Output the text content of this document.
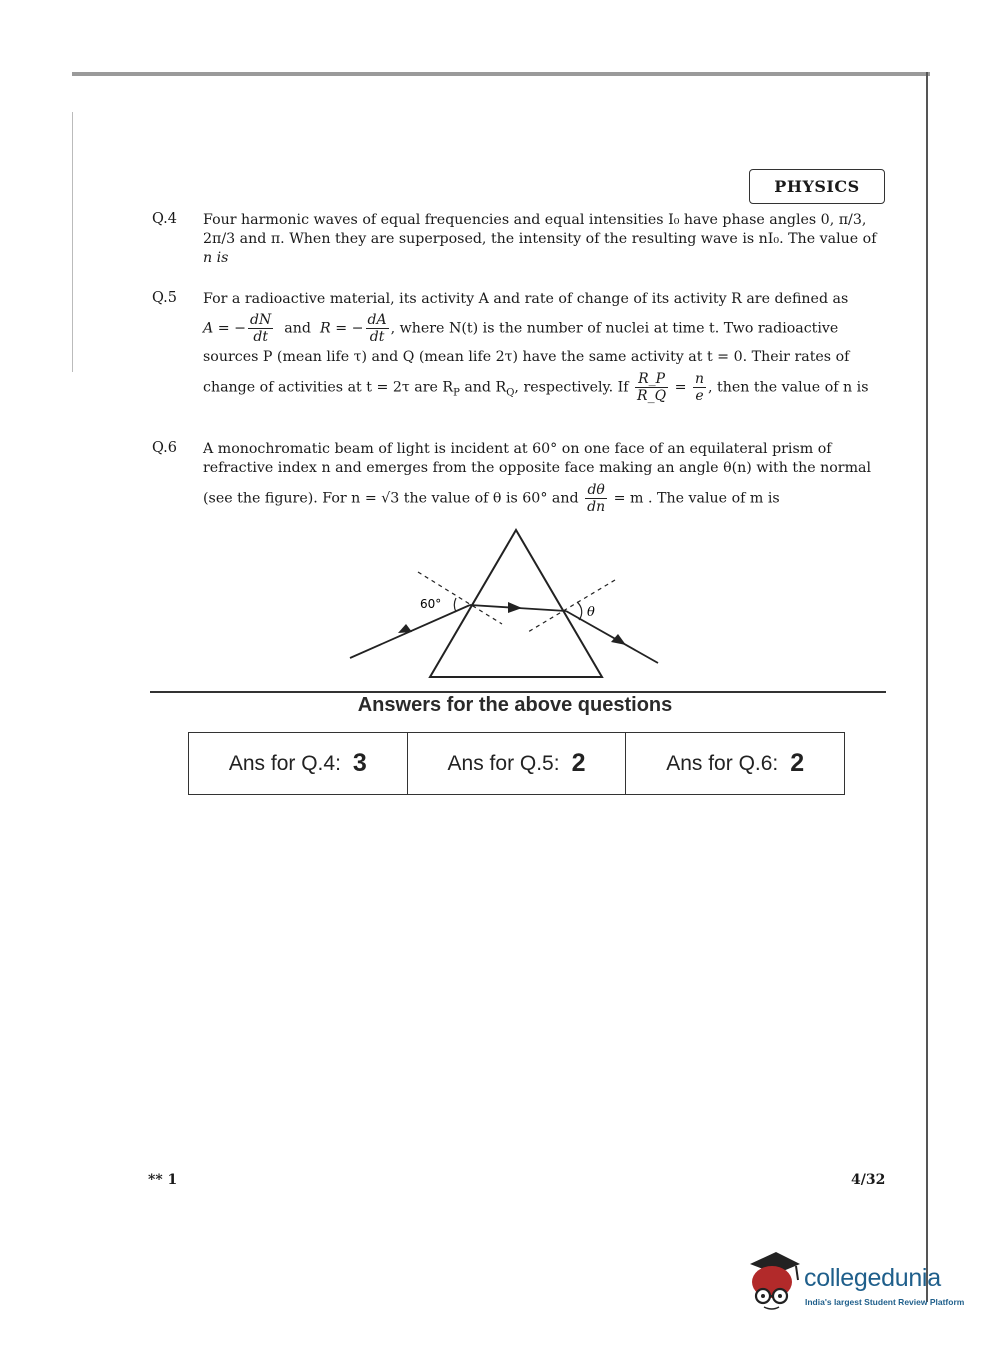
PHYSICS
Q.4 Four harmonic waves of equal frequencies and equal intensities I₀ have phase angles 0, π/3,

2π/3 and π. When they are superposed, the intensity of the resulting wave is nI₀. The value of

n is

Q.5 For a radioactive material, its activity A and rate of change of its activity R are defined as

A = − $\frac{dN}{dt}$ and R = − $\frac{dA}{dt}$ , where N(t) is the number of nuclei at time t. Two radioactive

sources P (mean life τ) and Q (mean life 2τ) have the same activity at t = 0. Their rates of

change of activities at t = 2τ are $R_P$ and $R_Q$, respectively. If $\frac{R\_P}{R\_Q} = \frac{n}{e}$ , then the value of n is

Q.6 A monochromatic beam of light is incident at 60° on one face of an equilateral prism of

refractive index n and emerges from the opposite face making an angle θ(n) with the normal

(see the figure). For n = √3 the value of θ is 60° and $\frac{d\theta}{dn} = m$ . The value of m is

60°
θ
Answers for the above questions
Ans for Q.4: 3	Ans for Q.5: 2	Ans for Q.6: 2
** 1	4/32
collegedunia
India's largest Student Review Platform
